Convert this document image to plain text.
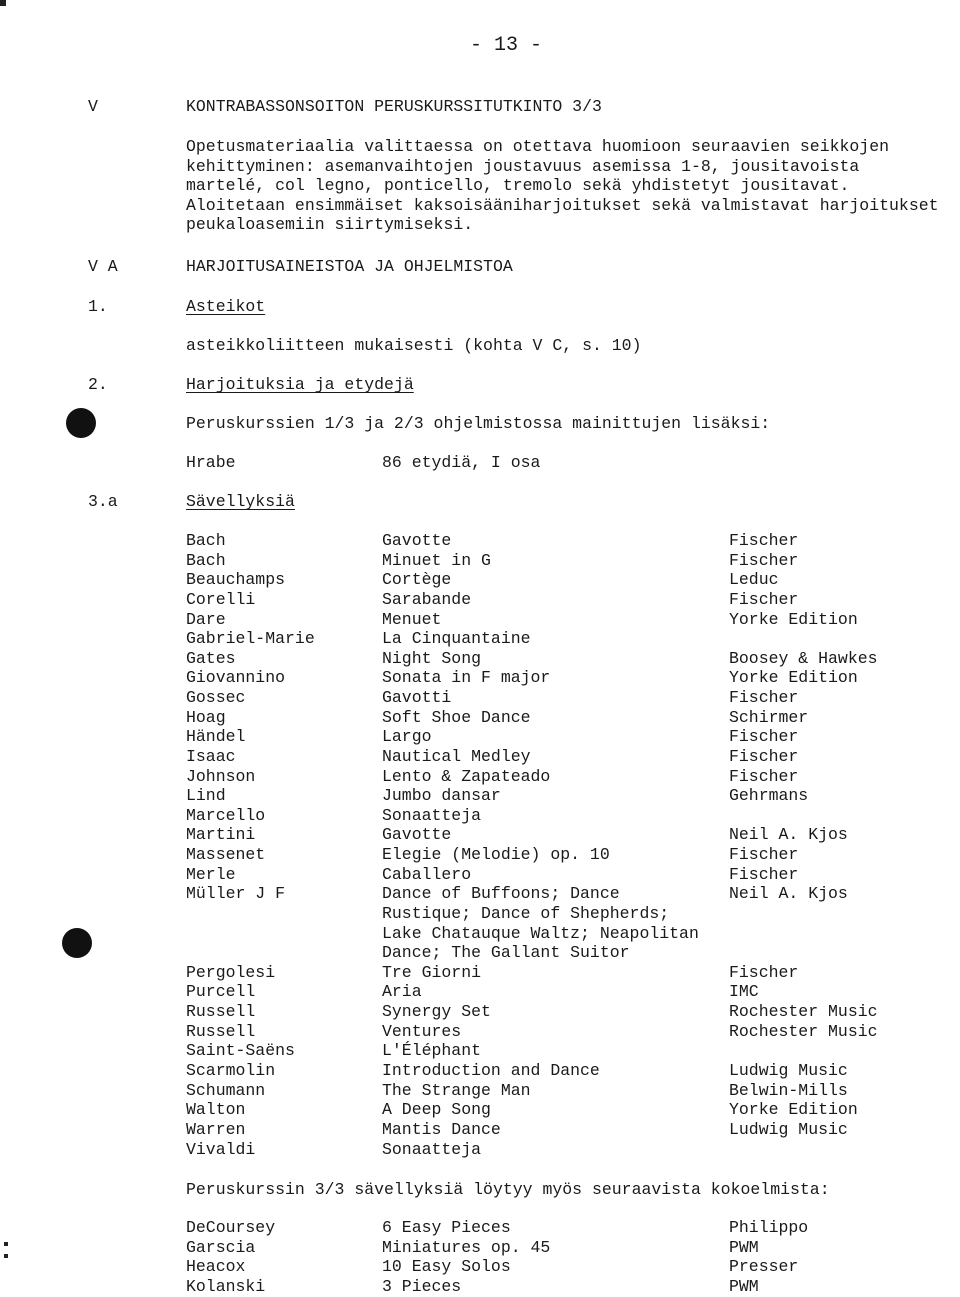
- 13 -
V	KONTRABASSONSOITON PERUSKURSSITUTKINTO 3/3
Opetusmateriaalia valittaessa on otettava huomioon seuraavien seikkojen
kehittyminen: asemanvaihtojen joustavuus asemissa 1-8, jousitavoista
martelé, col legno, ponticello, tremolo sekä yhdistetyt jousitavat.
Aloitetaan ensimmäiset kaksoisääniharjoitukset sekä valmistavat harjoitukset
peukaloasemiin siirtymiseksi.
V A	HARJOITUSAINEISTOA JA OHJELMISTOA
1.	Asteikot
asteikkoliitteen mukaisesti (kohta V C, s. 10)
2.	Harjoituksia ja etydejä
Peruskurssien 1/3 ja 2/3 ohjelmistossa mainittujen lisäksi:
Hrabe	86 etydiä, I osa
3.a	Sävellyksiä
Bach	Gavotte	Fischer
Bach	Minuet in G	Fischer
Beauchamps	Cortège	Leduc
Corelli	Sarabande	Fischer
Dare	Menuet	Yorke Edition
Gabriel-Marie	La Cinquantaine
Gates	Night Song	Boosey & Hawkes
Giovannino	Sonata in F major	Yorke Edition
Gossec	Gavotti	Fischer
Hoag	Soft Shoe Dance	Schirmer
Händel	Largo	Fischer
Isaac	Nautical Medley	Fischer
Johnson	Lento & Zapateado	Fischer
Lind	Jumbo dansar	Gehrmans
Marcello	Sonaatteja
Martini	Gavotte	Neil A. Kjos
Massenet	Elegie (Melodie) op. 10	Fischer
Merle	Caballero	Fischer
Müller J F	Dance of Buffoons; Dance	Neil A. Kjos
Rustique; Dance of Shepherds;
Lake Chatauque Waltz; Neapolitan
Dance; The Gallant Suitor
Pergolesi	Tre Giorni	Fischer
Purcell	Aria	IMC
Russell	Synergy Set	Rochester Music
Russell	Ventures	Rochester Music
Saint-Saëns	L'Éléphant
Scarmolin	Introduction and Dance	Ludwig Music
Schumann	The Strange Man	Belwin-Mills
Walton	A Deep Song	Yorke Edition
Warren	Mantis Dance	Ludwig Music
Vivaldi	Sonaatteja
Peruskurssin 3/3 sävellyksiä löytyy myös seuraavista kokoelmista:
DeCoursey	6 Easy Pieces	Philippo
Garscia	Miniatures op. 45	PWM
Heacox	10 Easy Solos	Presser
Kolanski	3 Pieces	PWM
